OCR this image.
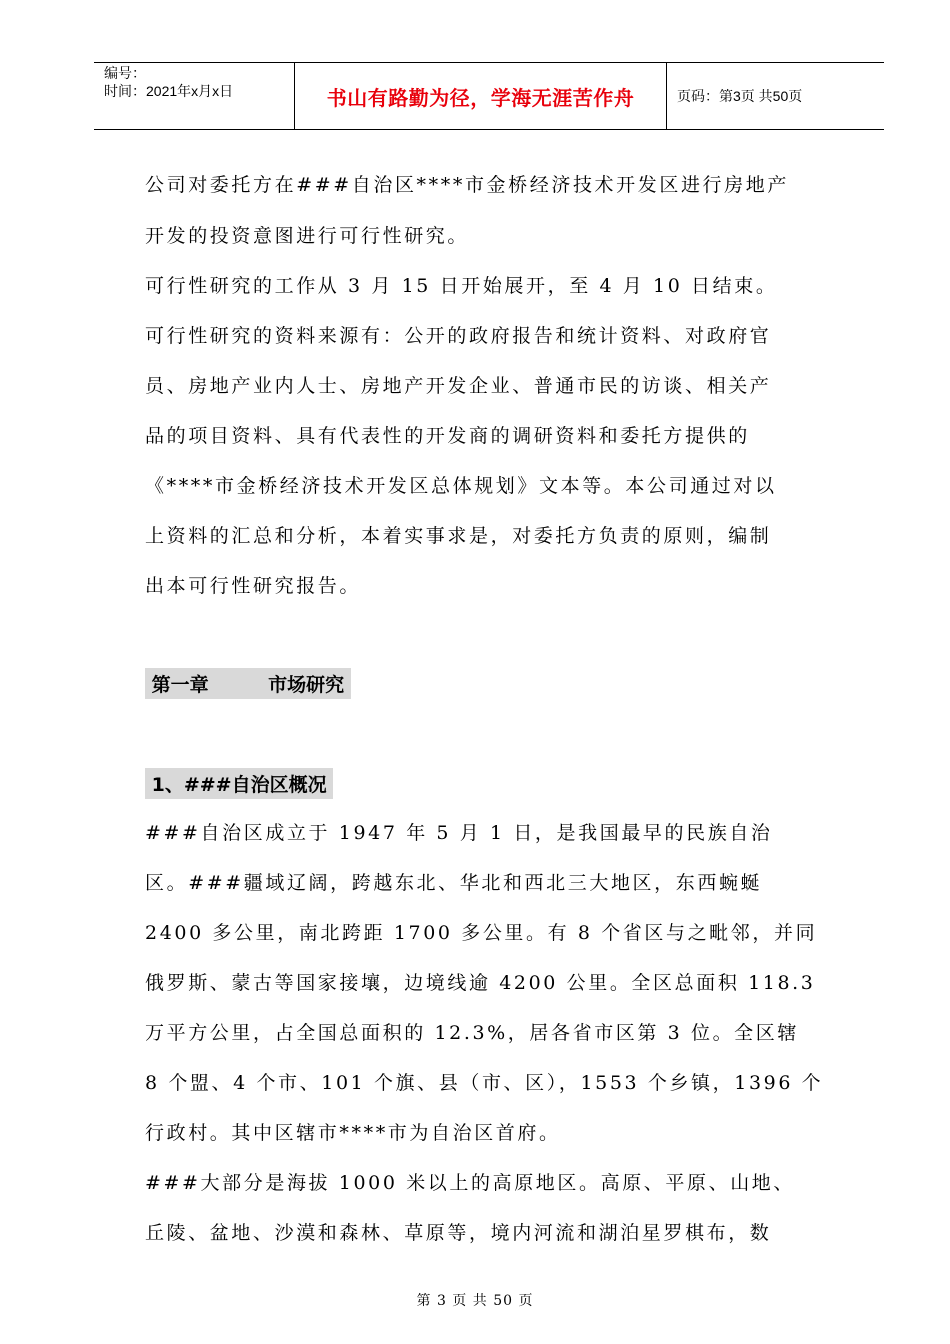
编号：
时间：2021年x月x日	书山有路勤为径，学海无涯苦作舟	页码：第3页 共50页
公司对委托方在###自治区****市金桥经济技术开发区进行房地产
开发的投资意图进行可行性研究。
可行性研究的工作从 3 月 15 日开始展开，至 4 月 10 日结束。
可行性研究的资料来源有：公开的政府报告和统计资料、对政府官
员、房地产业内人士、房地产开发企业、普通市民的访谈、相关产
品的项目资料、具有代表性的开发商的调研资料和委托方提供的
《****市金桥经济技术开发区总体规划》文本等。本公司通过对以
上资料的汇总和分析，本着实事求是，对委托方负责的原则，编制
出本可行性研究报告。
第一章         市场研究
1、###自治区概况
###自治区成立于 1947 年 5 月 1 日，是我国最早的民族自治
区。###疆域辽阔，跨越东北、华北和西北三大地区，东西蜿蜒
2400 多公里，南北跨距 1700 多公里。有 8 个省区与之毗邻，并同
俄罗斯、蒙古等国家接壤，边境线逾 4200 公里。全区总面积 118.3
万平方公里，占全国总面积的 12.3%，居各省市区第 3 位。全区辖
8 个盟、4 个市、101 个旗、县（市、区），1553 个乡镇，1396 个
行政村。其中区辖市****市为自治区首府。
###大部分是海拔 1000 米以上的高原地区。高原、平原、山地、
丘陵、盆地、沙漠和森林、草原等，境内河流和湖泊星罗棋布，数
第 3 页 共 50 页
